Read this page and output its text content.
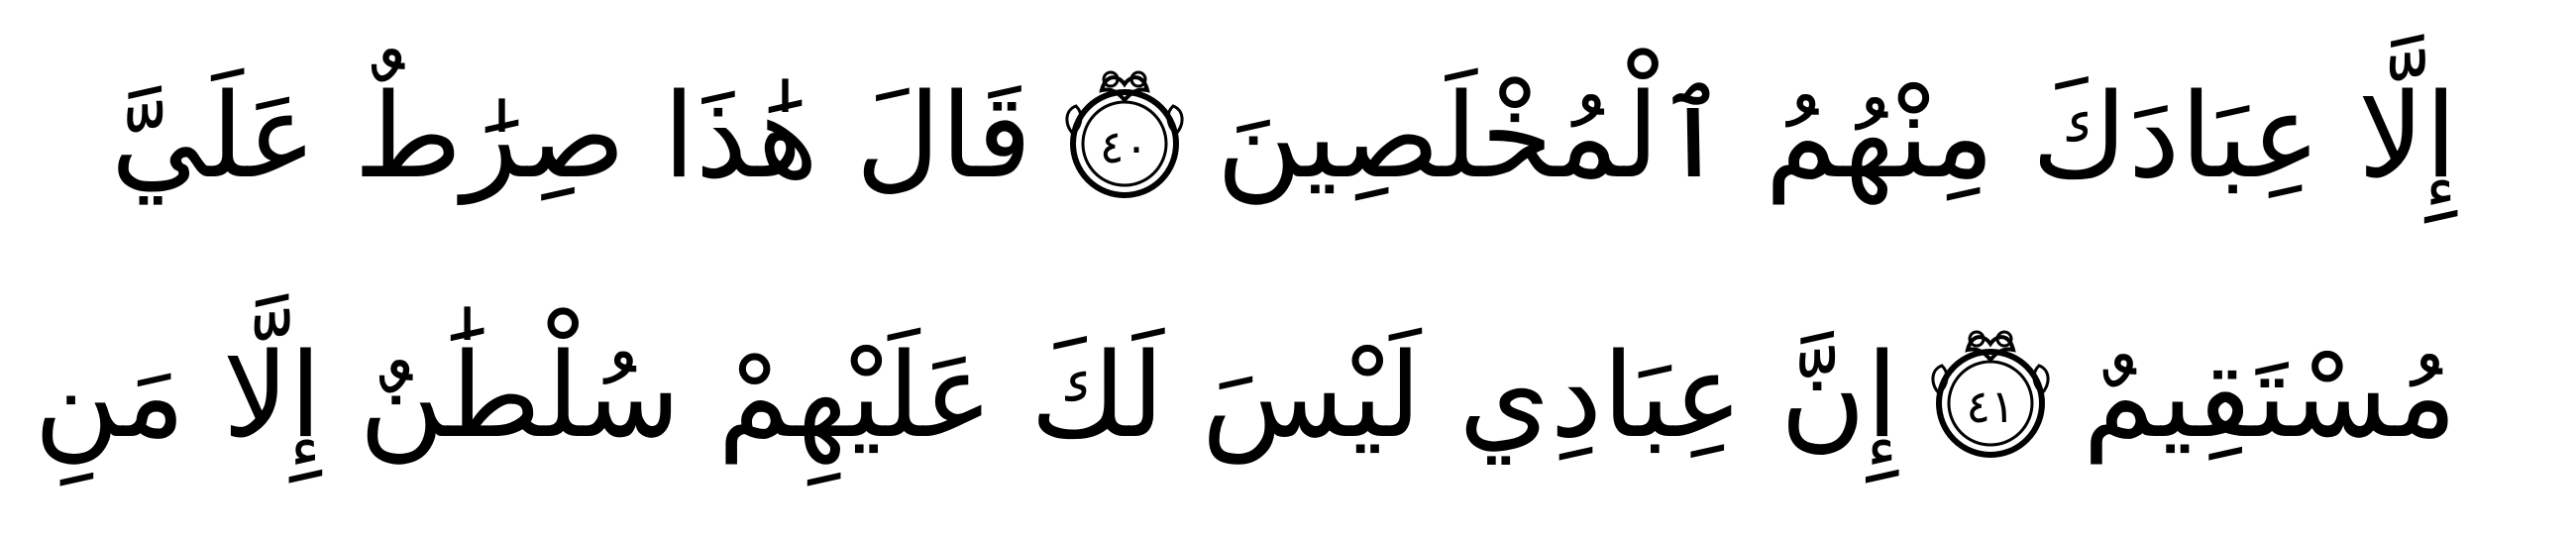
إِلَّا عِبَادَكَ مِنْهُمُ ٱلْمُخْلَصِينَ
٤٠
قَالَ هَٰذَا صِرَٰطٌ عَلَيَّ
مُسْتَقِيمٌ
٤١
إِنَّ عِبَادِي لَيْسَ لَكَ عَلَيْهِمْ سُلْطَٰنٌ إِلَّا مَنِ
